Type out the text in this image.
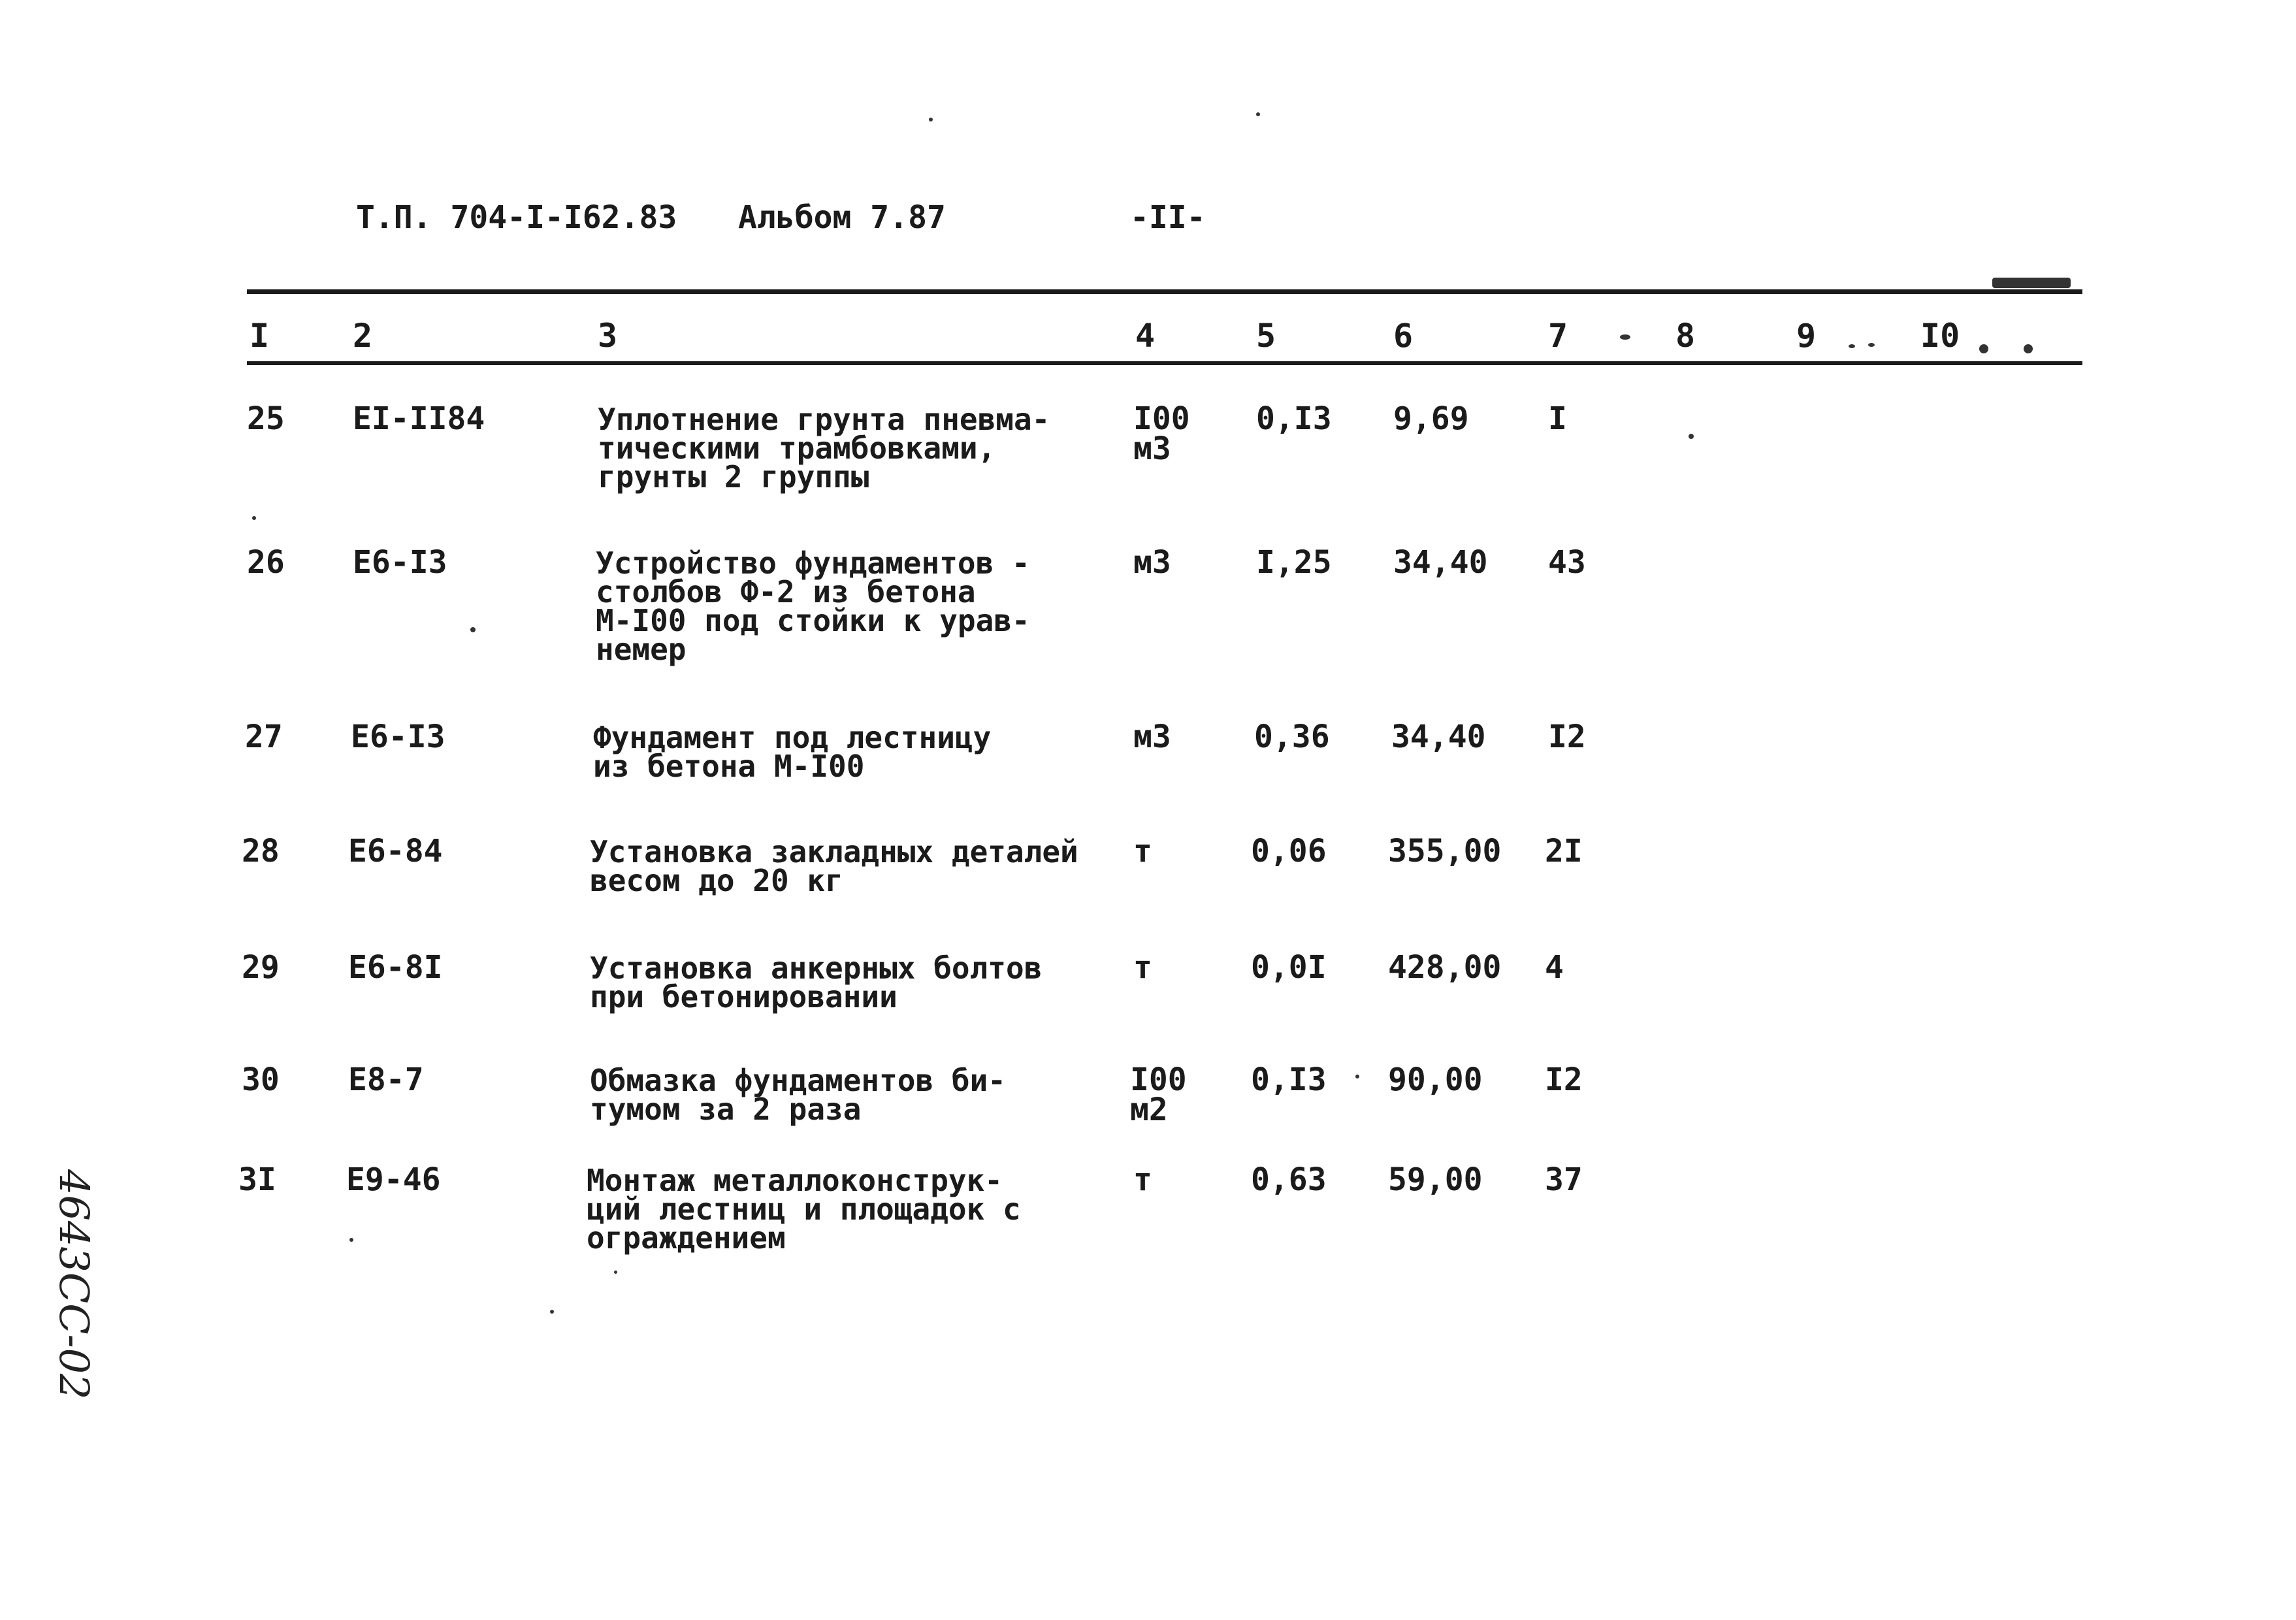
Т.П. 704-I-I62.83 Альбом 7.87	-II-
I	2	3	4	5	6	7	8	9	I0
25 EI-II84	Уплотнение грунта пневма-
тическими трамбовками,
грунты 2 группы
I00
м3
0,I3 9,69	I
26 E6-I3	Устройство фундаментов -
столбов Ф-2 из бетона
М-I00 под стойки к урав-
немер
м3	I,25 34,40 43
27 E6-I3	Фундамент под лестницу
из бетона М-I00
м3	0,36 34,40 I2
28 E6-84	Установка закладных деталей
весом до 20 кг
т	0,06 355,00 2I
29 E6-8I	Установка анкерных болтов
при бетонировании
т	0,0I 428,00 4
30 E8-7	Обмазка фундаментов би-
тумом за 2 раза
I00
м2
0,I3 90,00 I2
3I E9-46	Монтаж металлоконструк-
ций лестниц и площадок с
ограждением
т	0,63 59,00 37
4643CC-02
